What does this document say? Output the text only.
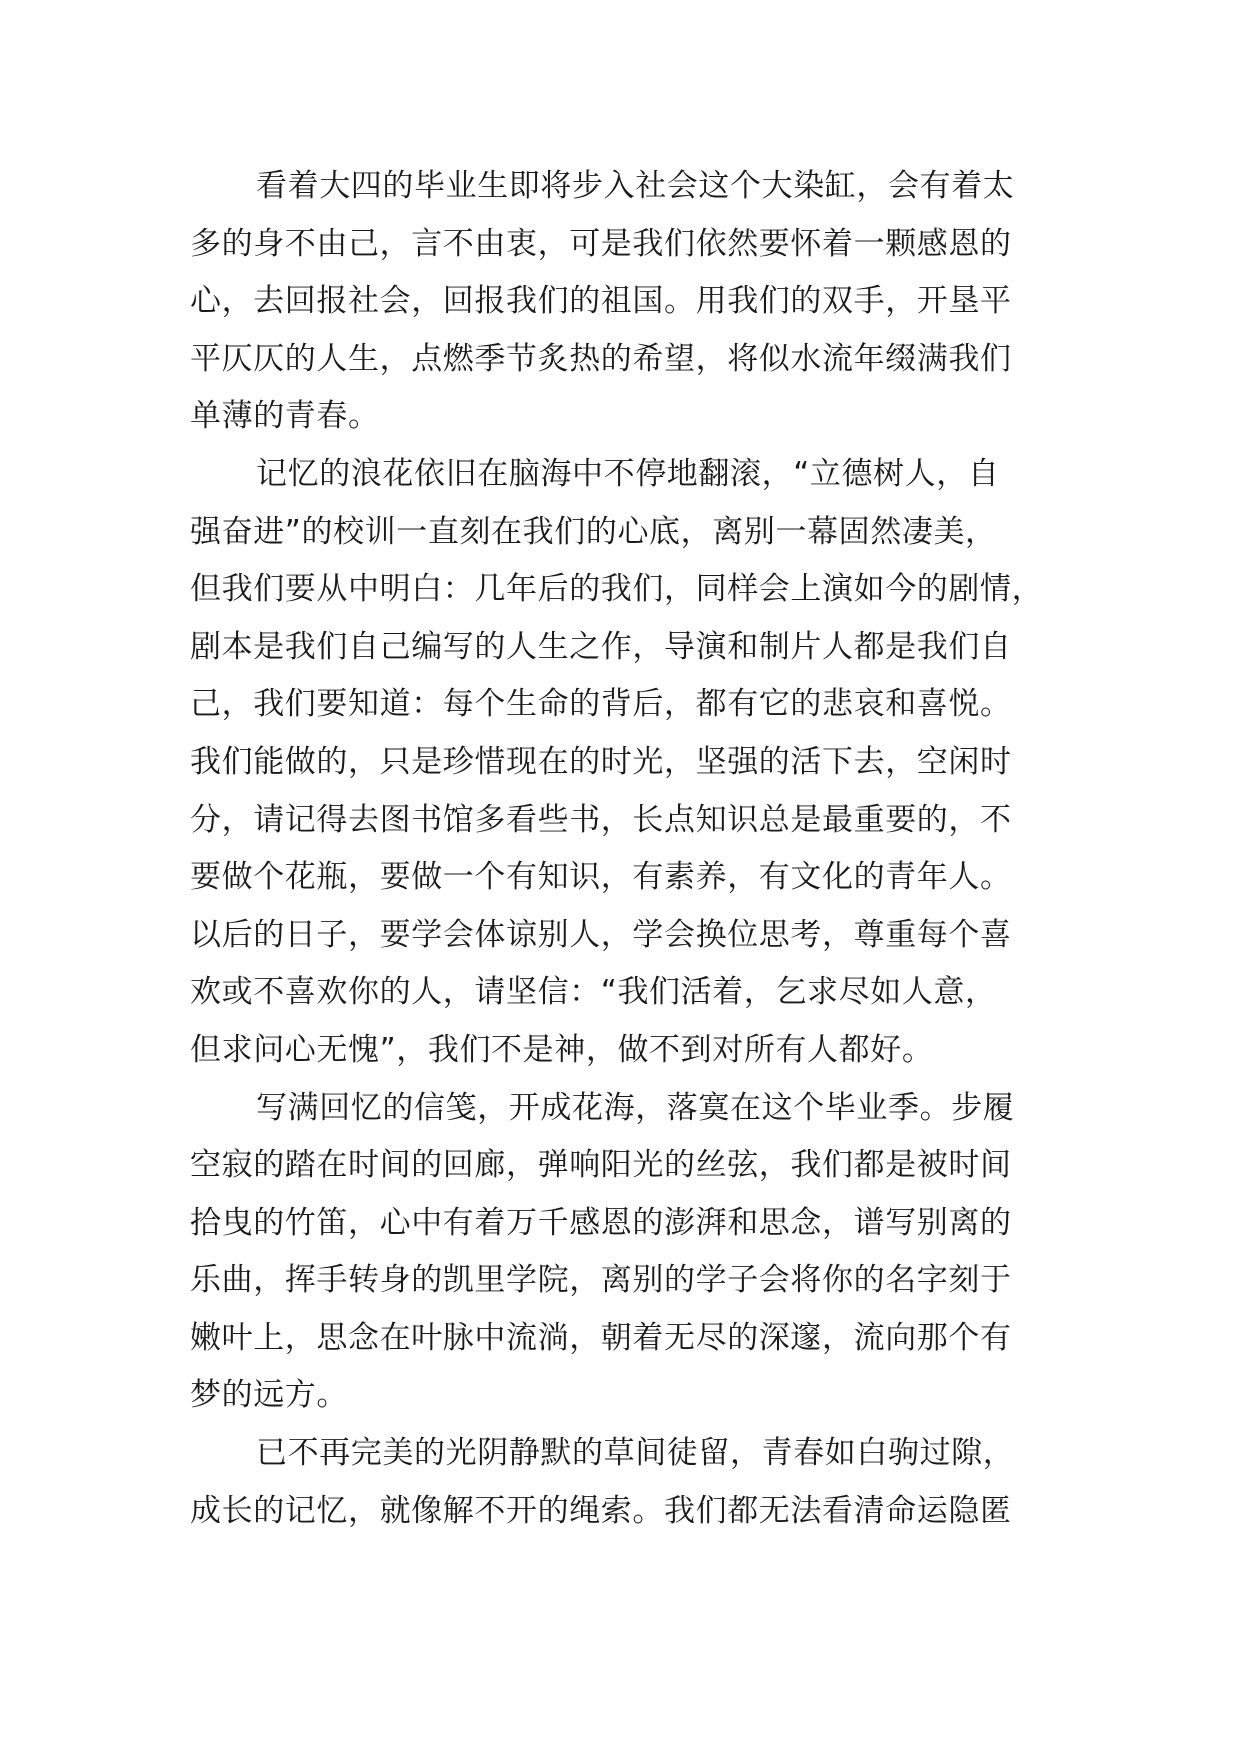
看着大四的毕业生即将步入社会这个大染缸，会有着太
多的身不由己，言不由衷，可是我们依然要怀着一颗感恩的
心，去回报社会，回报我们的祖国。用我们的双手，开垦平
平仄仄的人生，点燃季节炙热的希望，将似水流年缀满我们
单薄的青春。
记忆的浪花依旧在脑海中不停地翻滚，“立德树人，自
强奋进”的校训一直刻在我们的心底，离别一幕固然凄美，
但我们要从中明白：几年后的我们，同样会上演如今的剧情，
剧本是我们自己编写的人生之作，导演和制片人都是我们自
己，我们要知道：每个生命的背后，都有它的悲哀和喜悦。
我们能做的，只是珍惜现在的时光，坚强的活下去，空闲时
分，请记得去图书馆多看些书，长点知识总是最重要的，不
要做个花瓶，要做一个有知识，有素养，有文化的青年人。
以后的日子，要学会体谅别人，学会换位思考，尊重每个喜
欢或不喜欢你的人，请坚信：“我们活着，乞求尽如人意，
但求问心无愧”，我们不是神，做不到对所有人都好。
写满回忆的信笺，开成花海，落寞在这个毕业季。步履
空寂的踏在时间的回廊，弹响阳光的丝弦，我们都是被时间
拾曳的竹笛，心中有着万千感恩的澎湃和思念，谱写别离的
乐曲，挥手转身的凯里学院，离别的学子会将你的名字刻于
嫩叶上，思念在叶脉中流淌，朝着无尽的深邃，流向那个有
梦的远方。
已不再完美的光阴静默的草间徒留，青春如白驹过隙，
成长的记忆，就像解不开的绳索。我们都无法看清命运隐匿
